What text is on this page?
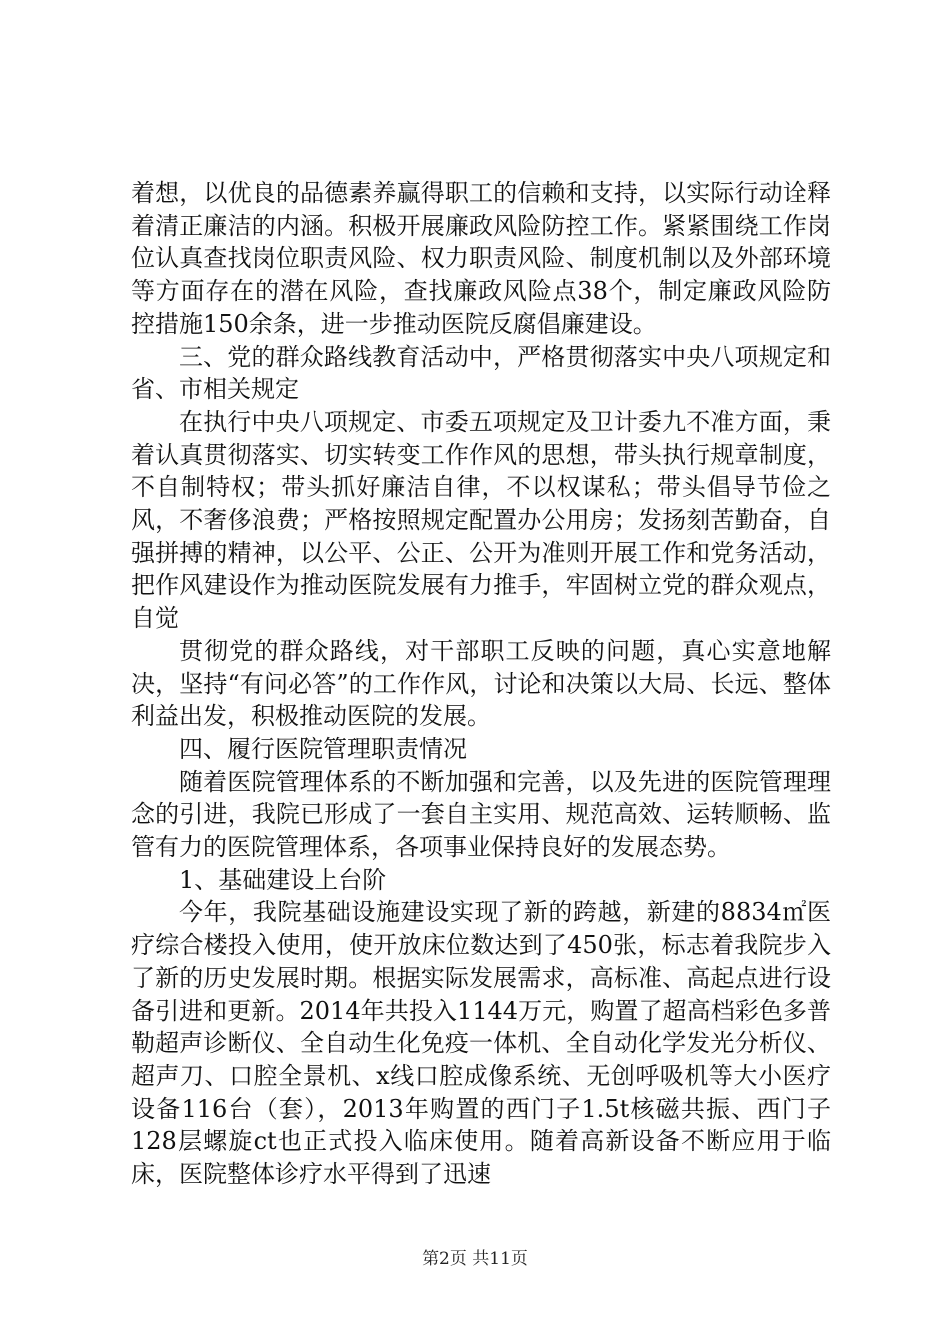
着想，以优良的品德素养赢得职工的信赖和支持，以实际行动诠释着清正廉洁的内涵。积极开展廉政风险防控工作。紧紧围绕工作岗位认真查找岗位职责风险、权力职责风险、制度机制以及外部环境等方面存在的潜在风险，查找廉政风险点38个，制定廉政风险防控措施150余条，进一步推动医院反腐倡廉建设。

三、党的群众路线教育活动中，严格贯彻落实中央八项规定和省、市相关规定

在执行中央八项规定、市委五项规定及卫计委九不准方面，秉着认真贯彻落实、切实转变工作作风的思想，带头执行规章制度，不自制特权；带头抓好廉洁自律，不以权谋私；带头倡导节俭之风，不奢侈浪费；严格按照规定配置办公用房；发扬刻苦勤奋，自强拼搏的精神，以公平、公正、公开为准则开展工作和党务活动，把作风建设作为推动医院发展有力推手，牢固树立党的群众观点，自觉

贯彻党的群众路线，对干部职工反映的问题，真心实意地解决，坚持“有问必答”的工作作风，讨论和决策以大局、长远、整体利益出发，积极推动医院的发展。

四、履行医院管理职责情况

随着医院管理体系的不断加强和完善，以及先进的医院管理理念的引进，我院已形成了一套自主实用、规范高效、运转顺畅、监管有力的医院管理体系，各项事业保持良好的发展态势。

1、基础建设上台阶

今年，我院基础设施建设实现了新的跨越，新建的8834㎡医疗综合楼投入使用，使开放床位数达到了450张，标志着我院步入了新的历史发展时期。根据实际发展需求，高标准、高起点进行设备引进和更新。2014年共投入1144万元，购置了超高档彩色多普勒超声诊断仪、全自动生化免疫一体机、全自动化学发光分析仪、超声刀、口腔全景机、x线口腔成像系统、无创呼吸机等大小医疗设备116台（套），2013年购置的西门子1.5t核磁共振、西门子128层螺旋ct也正式投入临床使用。随着高新设备不断应用于临床，医院整体诊疗水平得到了迅速

第2页 共11页
